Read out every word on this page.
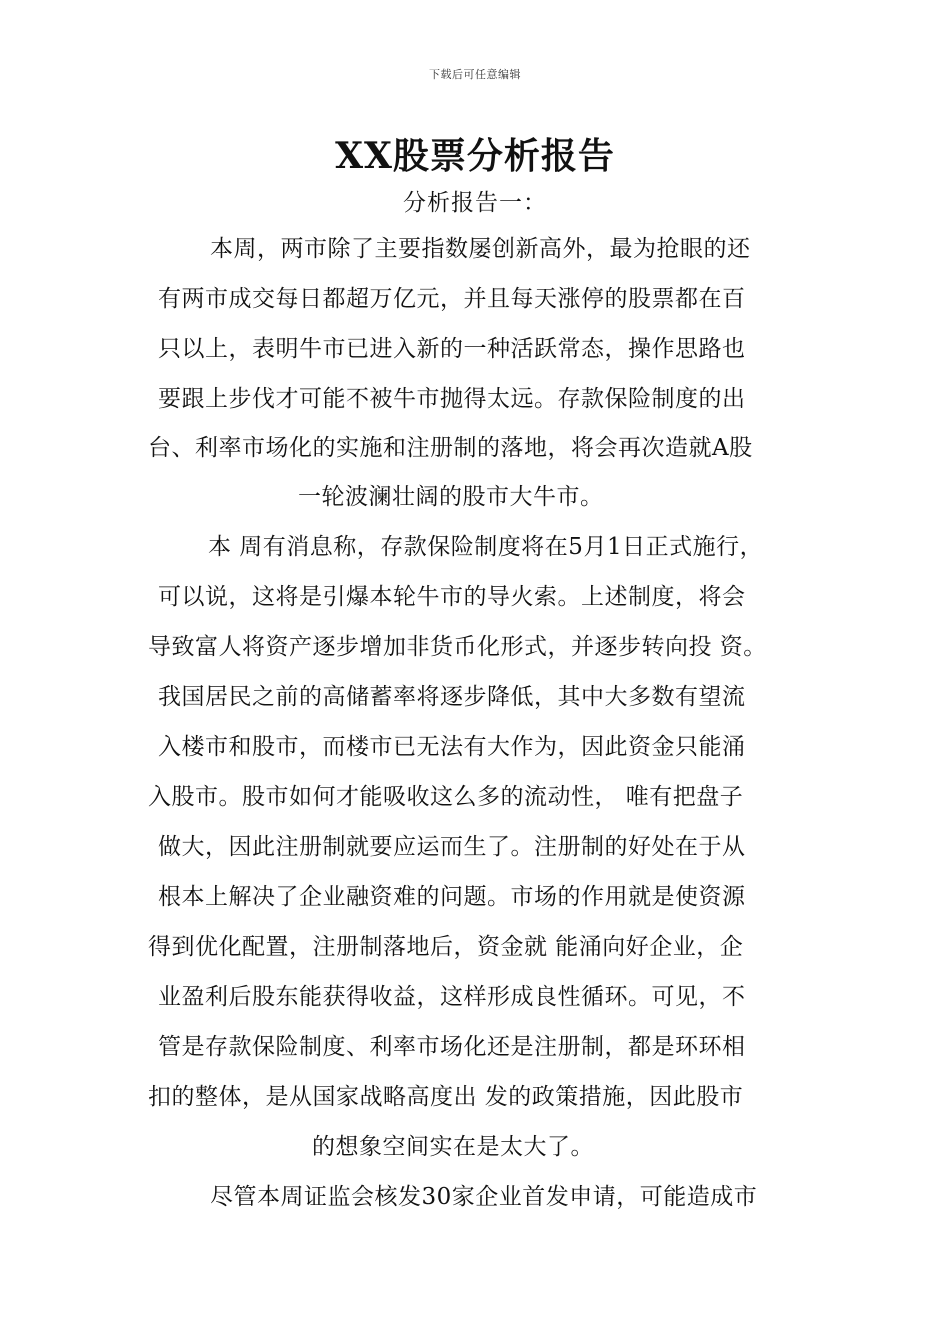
下载后可任意编辑
XX股票分析报告
分析报告一：
本周，两市除了主要指数屡创新高外，最为抢眼的还
有两市成交每日都超万亿元，并且每天涨停的股票都在百
只以上，表明牛市已进入新的一种活跃常态，操作思路也
要跟上步伐才可能不被牛市抛得太远。存款保险制度的出
台、利率市场化的实施和注册制的落地，将会再次造就A股
一轮波澜壮阔的股市大牛市。
本 周有消息称，存款保险制度将在5月1日正式施行，
可以说，这将是引爆本轮牛市的导火索。上述制度，将会
导致富人将资产逐步增加非货币化形式，并逐步转向投 资。
我国居民之前的高储蓄率将逐步降低，其中大多数有望流
入楼市和股市，而楼市已无法有大作为，因此资金只能涌
入股市。股市如何才能吸收这么多的流动性， 唯有把盘子
做大，因此注册制就要应运而生了。注册制的好处在于从
根本上解决了企业融资难的问题。市场的作用就是使资源
得到优化配置，注册制落地后，资金就 能涌向好企业，企
业盈利后股东能获得收益，这样形成良性循环。可见，不
管是存款保险制度、利率市场化还是注册制，都是环环相
扣的整体，是从国家战略高度出 发的政策措施，因此股市
的想象空间实在是太大了。
尽管本周证监会核发30家企业首发申请，可能造成市
